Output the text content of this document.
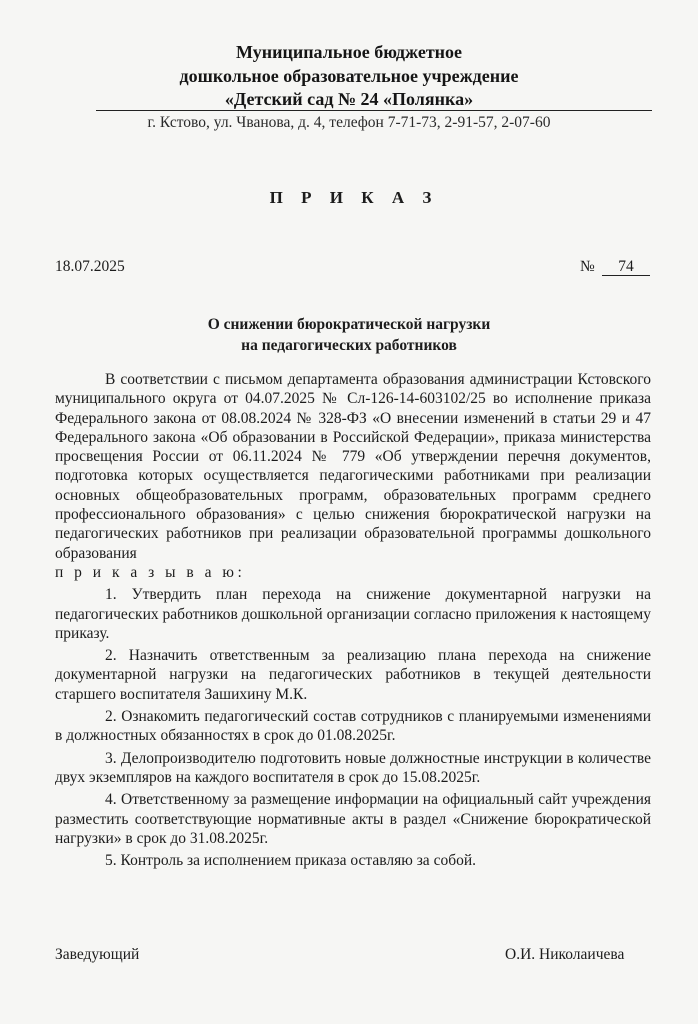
Муниципальное бюджетное
дошкольное образовательное учреждение
«Детский сад № 24 «Полянка»
г. Кстово, ул. Чванова, д. 4, телефон 7-71-73, 2-91-57, 2-07-60
П Р И К А З
18.07.2025	№	74
О снижении бюрократической нагрузки
на педагогических работников

В соответствии с письмом департамента образования администрации Кстовского муниципального округа от 04.07.2025 № Сл-126-14-603102/25 во исполнение приказа Федерального закона от 08.08.2024 № 328-ФЗ «О внесении изменений в статьи 29 и 47 Федерального закона «Об образовании в Российской Федерации», приказа министерства просвещения России от 06.11.2024 № 779 «Об утверждении перечня документов, подготовка которых осуществляется педагогическими работниками при реализации основных общеобразовательных программ, образовательных программ среднего профессионального образования» с целью снижения бюрократической нагрузки на педагогических работников при реализации образовательной программы дошкольного образования

п р и к а з ы в а ю:

1. Утвердить план перехода на снижение документарной нагрузки на педагогических работников дошкольной организации согласно приложения к настоящему приказу.

2. Назначить ответственным за реализацию плана перехода на снижение документарной нагрузки на педагогических работников в текущей деятельности старшего воспитателя Зашихину М.К.

2. Ознакомить педагогический состав сотрудников с планируемыми изменениями в должностных обязанностях в срок до 01.08.2025г.

3. Делопроизводителю подготовить новые должностные инструкции в количестве двух экземпляров на каждого воспитателя в срок до 15.08.2025г.

4. Ответственному за размещение информации на официальный сайт учреждения разместить соответствующие нормативные акты в раздел «Снижение бюрократической нагрузки» в срок до 31.08.2025г.

5. Контроль за исполнением приказа оставляю за собой.

Заведующий	О.И. Николаичева
